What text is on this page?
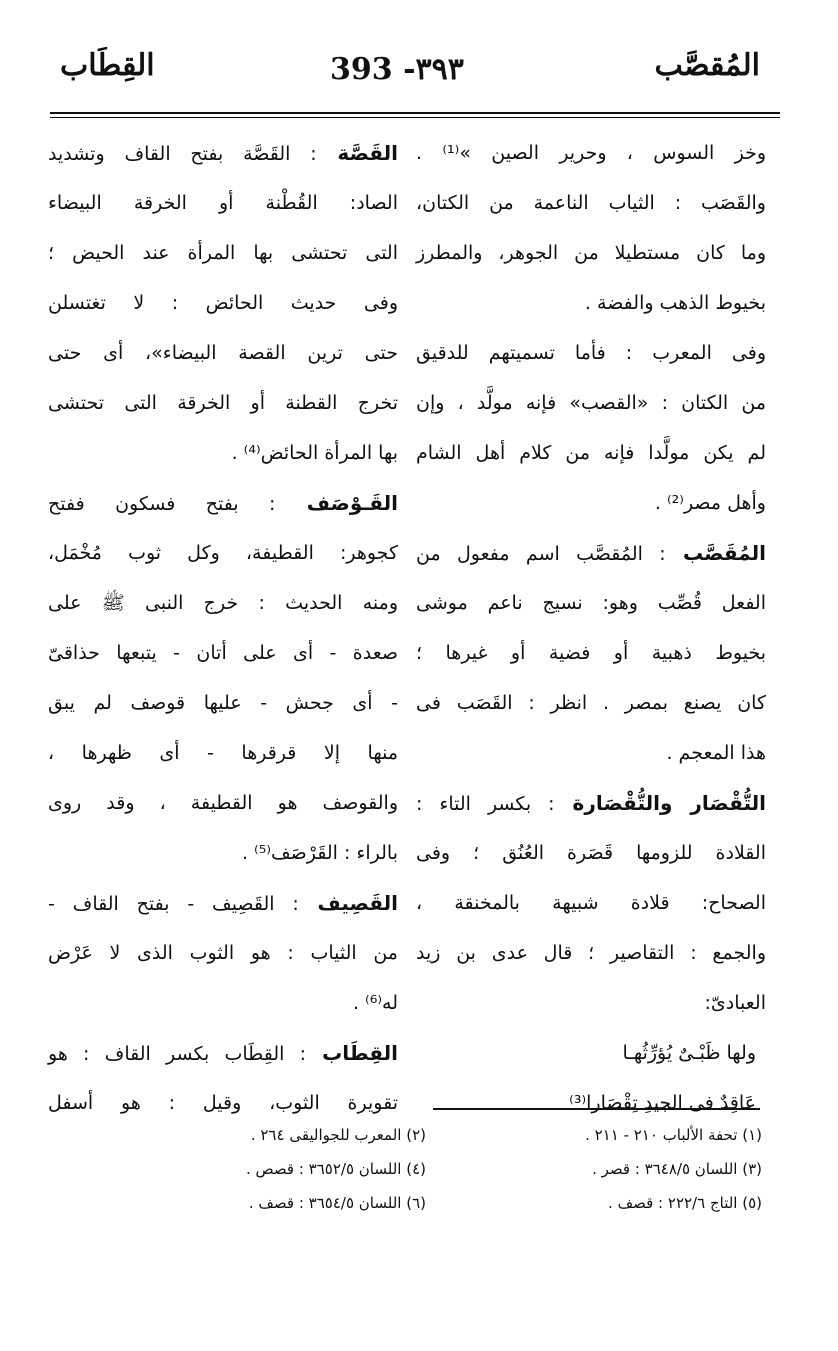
المُقصَّب
393 -٣٩٣
القِطَاب
وخز السوس ، وحرير الصين »⁽¹⁾ .
والقَصَب : الثياب الناعمة من الكتان،
وما كان مستطيلا من الجوهر، والمطرز
بخيوط الذهب والفضة .
وفى المعرب : فأما تسميتهم للدقيق
من الكتان : «القصب» فإنه مولَّد ، وإن
لم يكن مولَّدا فإنه من كلام أهل الشام
وأهل مصر⁽²⁾ .
المُقَصَّب : المُقصَّب اسم مفعول من
الفعل قُصِّب وهو: نسيج ناعم موشى
بخيوط ذهبية أو فضية أو غيرها ؛
كان يصنع بمصر . انظر : القَصَب فى
هذا المعجم .
التُّقْصَار والتُّقْصَارة : بكسر التاء :
القلادة للزومها قَصَرة العُنُق ؛ وفى
الصحاح: قلادة شبيهة بالمخنقة ،
والجمع : التقاصير ؛ قال عدى بن زيد
العبادىّ:
ولها ظَبْـىٌ يُؤرِّثُهـا
عَاقِدٌ فى الجيدِ تِقْصَارا⁽³⁾
القَصَّة : القَصَّة بفتح القاف وتشديد
الصاد: القُطْنة أو الخرقة البيضاء
التى تحتشى بها المرأة عند الحيض ؛
وفى حديث الحائض : لا تغتسلن
حتى ترين القصة البيضاء»، أى حتى
تخرج القطنة أو الخرقة التى تحتشى
بها المرأة الحائض⁽⁴⁾ .
القَـوْصَف : بفتح فسكون ففتح
كجوهر: القطيفة، وكل ثوب مُخْمَل،
ومنه الحديث : خرج النبى ﷺ على
صعدة - أى على أتان - يتبعها حذاقىّ
- أى جحش - عليها قوصف لم يبق
منها إلا قرقرها - أى ظهرها ،
والقوصف هو القطيفة ، وقد روى
بالراء : القَرْصَف⁽⁵⁾ .
القَصِيف : القَصِيف - بفتح القاف -
من الثياب : هو الثوب الذى لا عَرْض
له⁽⁶⁾ .
القِطَاب : القِطَاب بكسر القاف : هو
تقويرة الثوب، وقيل : هو أسفل
(١) تحفة الألباب ٢١٠ - ٢١١ .
(٢) المعرب للجواليقى ٢٦٤ .
(٣) اللسان ٣٦٤٨/٥ : قصر .
(٤) اللسان ٣٦٥٢/٥ : قصص .
(٥) التاج ٢٢٢/٦ : قصف .
(٦) اللسان ٣٦٥٤/٥ : قصف .
